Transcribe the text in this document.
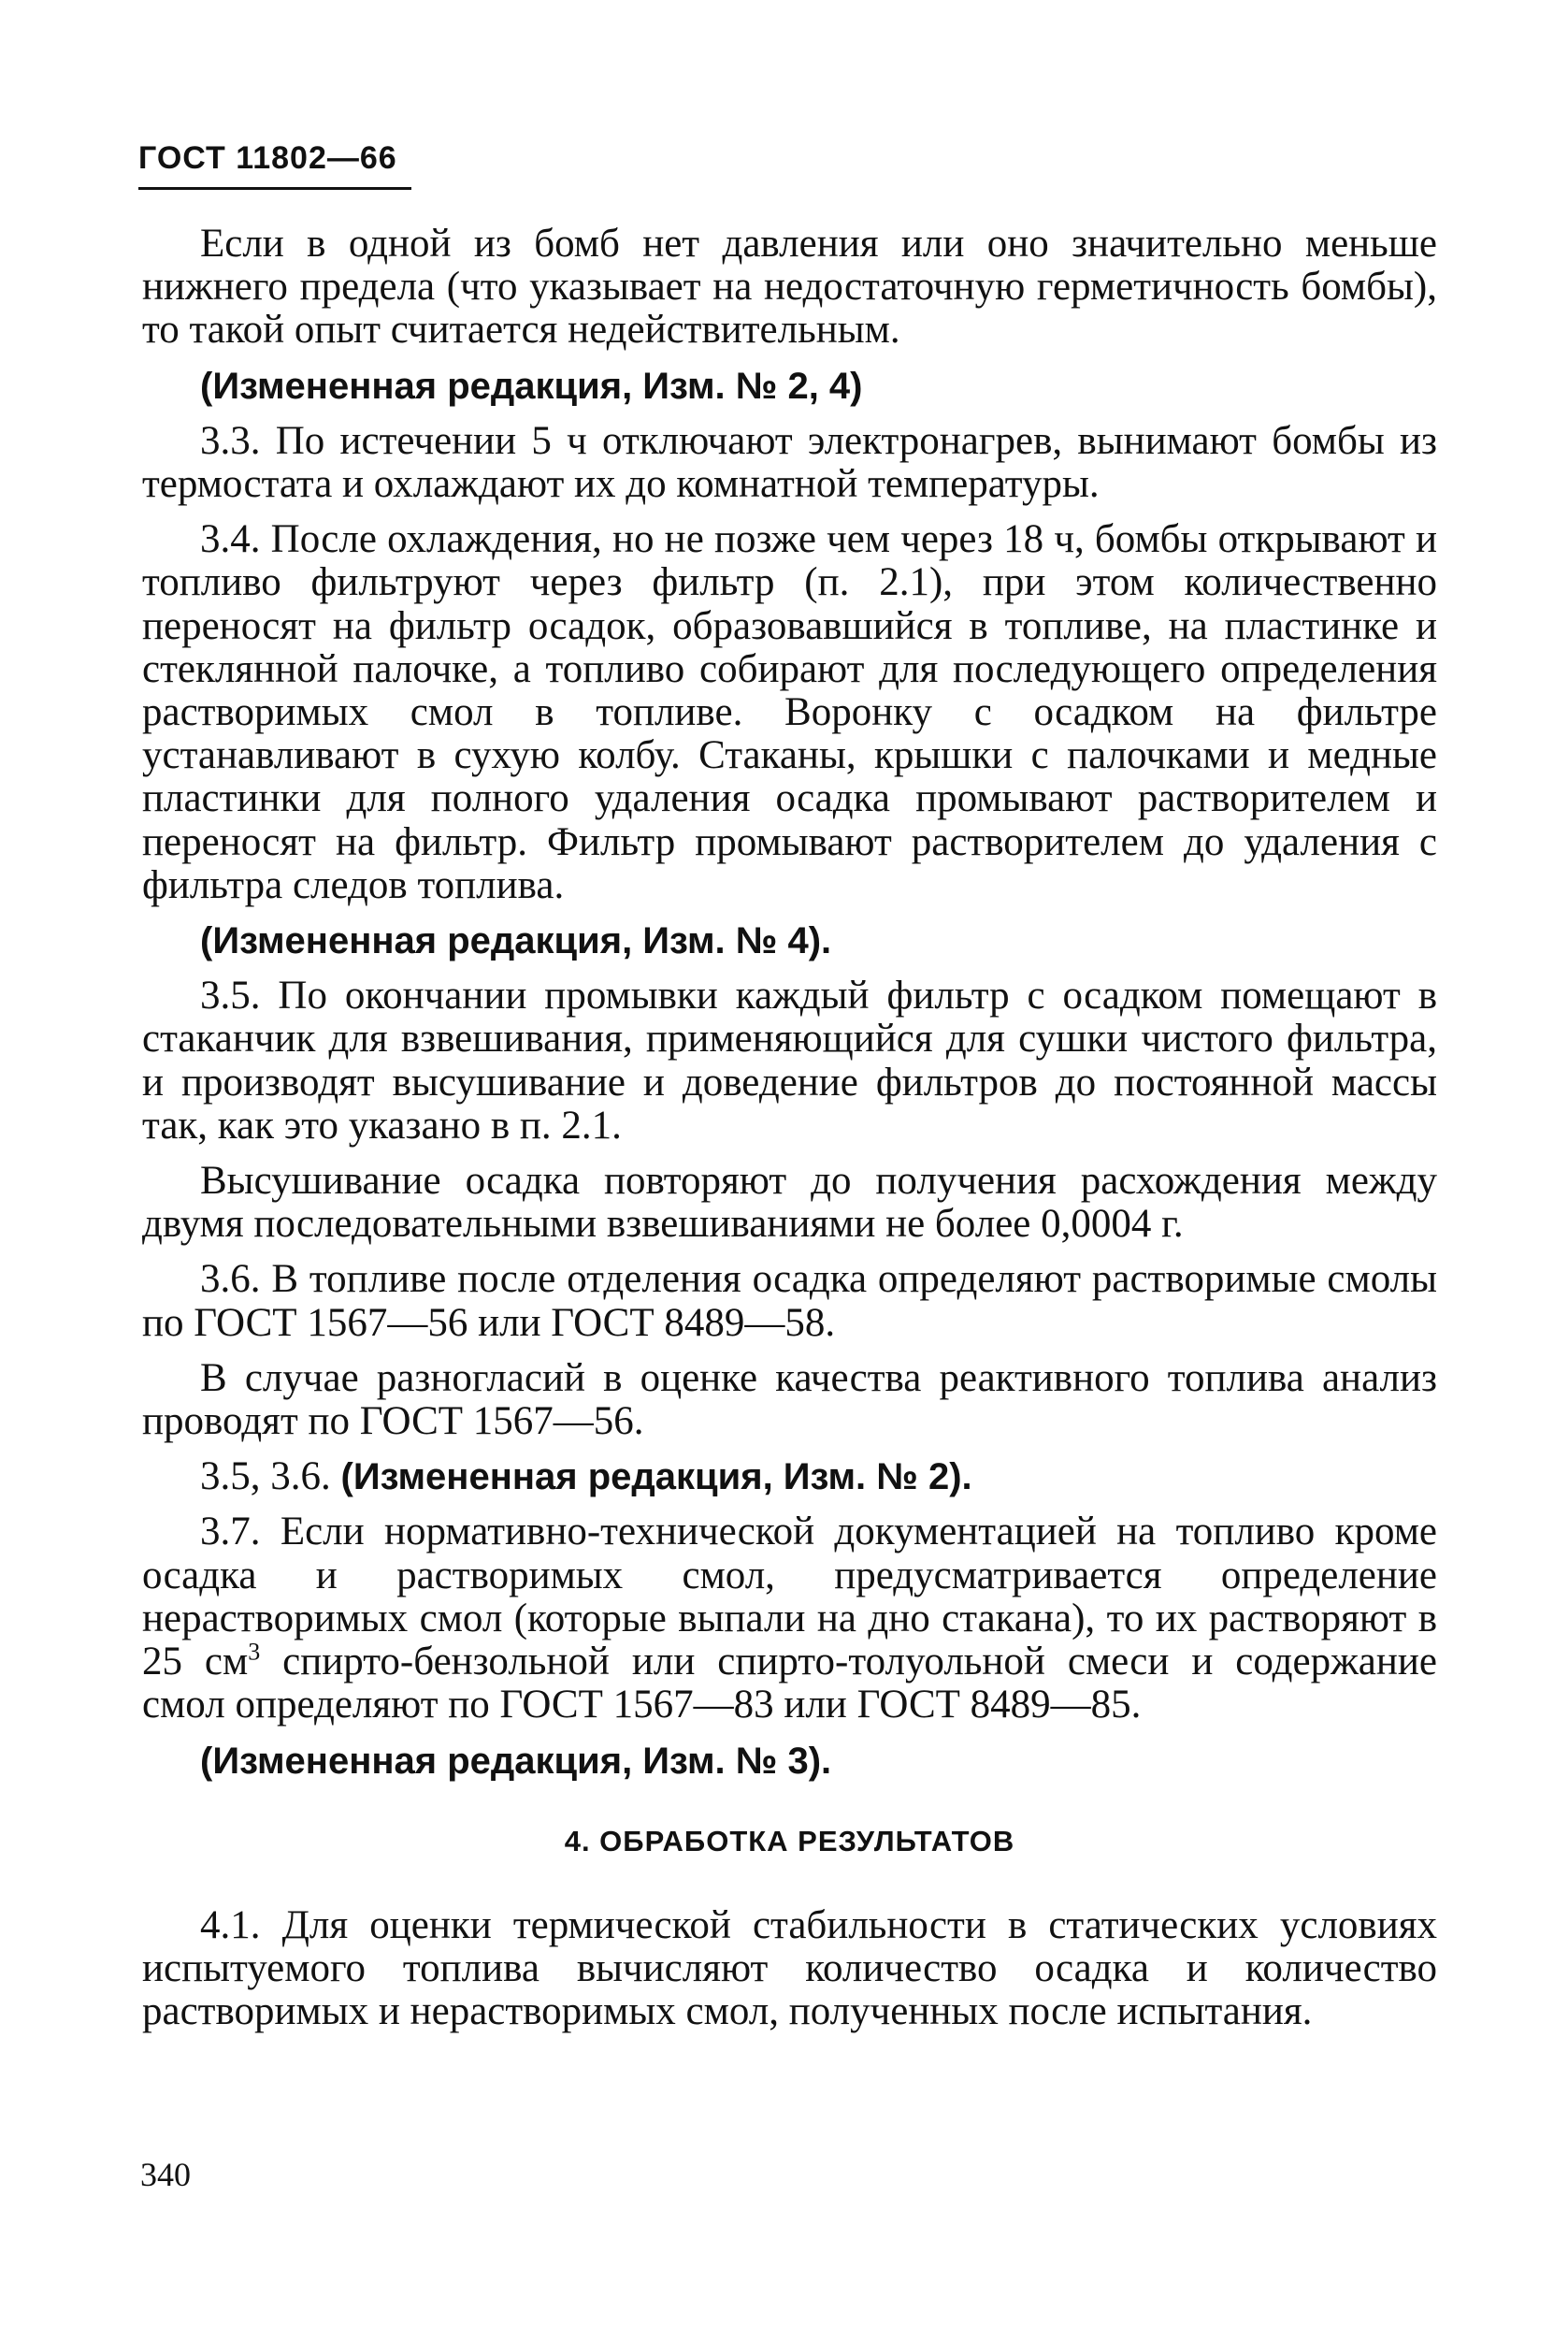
ГОСТ 11802—66

Если в одной из бомб нет давления или оно значительно меньше нижнего предела (что указывает на недостаточную герметичность бомбы), то такой опыт считается недействительным.

(Измененная редакция, Изм. № 2, 4)

3.3. По истечении 5 ч отключают электронагрев, вынимают бомбы из термостата и охлаждают их до комнатной температуры.

3.4. После охлаждения, но не позже чем через 18 ч, бомбы открывают и топливо фильтруют через фильтр (п. 2.1), при этом количественно переносят на фильтр осадок, образовавшийся в топливе, на пластинке и стеклянной палочке, а топливо собирают для последующего определения растворимых смол в топливе. Воронку с осадком на фильтре устанавливают в сухую колбу. Стаканы, крышки с палочками и медные пластинки для полного удаления осадка промывают растворителем и переносят на фильтр. Фильтр промывают растворителем до удаления с фильтра следов топлива.

(Измененная редакция, Изм. № 4).

3.5. По окончании промывки каждый фильтр с осадком помещают в стаканчик для взвешивания, применяющийся для сушки чистого фильтра, и производят высушивание и доведение фильтров до постоянной массы так, как это указано в п. 2.1.

Высушивание осадка повторяют до получения расхождения между двумя последовательными взвешиваниями не более 0,0004 г.

3.6. В топливе после отделения осадка определяют растворимые смолы по ГОСТ 1567—56 или ГОСТ 8489—58.

В случае разногласий в оценке качества реактивного топлива анализ проводят по ГОСТ 1567—56.

3.5, 3.6. (Измененная редакция, Изм. № 2).

3.7. Если нормативно-технической документацией на топливо кроме осадка и растворимых смол, предусматривается определение нерастворимых смол (которые выпали на дно стакана), то их растворяют в 25 $см^3$ спирто-бензольной или спирто-толуольной смеси и содержание смол определяют по ГОСТ 1567—83 или ГОСТ 8489—85.

(Измененная редакция, Изм. № 3).

4. ОБРАБОТКА РЕЗУЛЬТАТОВ

4.1. Для оценки термической стабильности в статических условиях испытуемого топлива вычисляют количество осадка и количество растворимых и нерастворимых смол, полученных после испытания.

340
